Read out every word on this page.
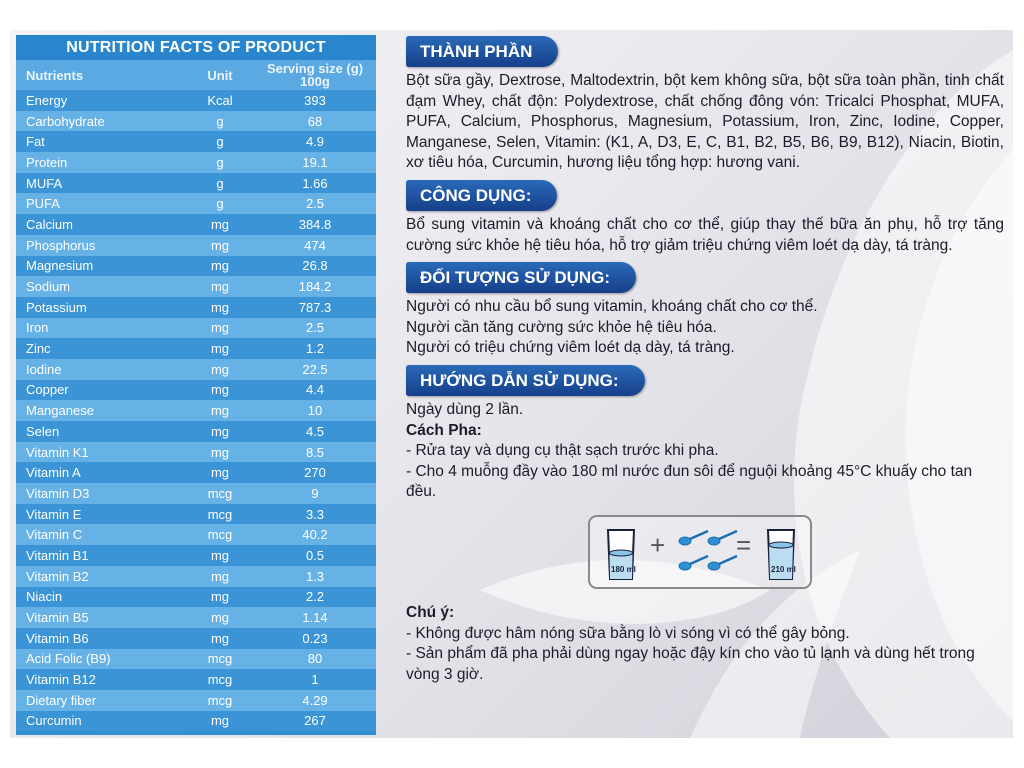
NUTRITION FACTS OF PRODUCT
Nutrients	Unit	Serving size (g) 100g
Energy	Kcal	393
Carbohydrate	g	68
Fat	g	4.9
Protein	g	19.1
MUFA	g	1.66
PUFA	g	2.5
Calcium	mg	384.8
Phosphorus	mg	474
Magnesium	mg	26.8
Sodium	mg	184.2
Potassium	mg	787.3
Iron	mg	2.5
Zinc	mg	1.2
Iodine	mg	22.5
Copper	mg	4.4
Manganese	mg	10
Selen	mg	4.5
Vitamin K1	mg	8.5
Vitamin A	mg	270
Vitamin D3	mcg	9
Vitamin E	mcg	3.3
Vitamin C	mcg	40.2
Vitamin B1	mg	0.5
Vitamin B2	mg	1.3
Niacin	mg	2.2
Vitamin B5	mg	1.14
Vitamin B6	mg	0.23
Acid Folic (B9)	mcg	80
Vitamin B12	mcg	1
Dietary fiber	mcg	4.29
Curcumin	mg	267
THÀNH PHẦN

Bột sữa gầy, Dextrose, Maltodextrin, bột kem không sữa, bột sữa toàn phần, tinh chất đạm Whey, chất độn: Polydextrose, chất chống đông vón: Tricalci Phosphat, MUFA, PUFA, Calcium, Phosphorus, Magnesium, Potassium, Iron, Zinc, Iodine, Copper, Manganese, Selen, Vitamin: (K1, A, D3, E, C, B1, B2, B5, B6, B9, B12), Niacin, Biotin, xơ tiêu hóa, Curcumin, hương liệu tổng hợp: hương vani.

CÔNG DỤNG:

Bổ sung vitamin và khoáng chất cho cơ thể, giúp thay thế bữa ăn phụ, hỗ trợ tăng cường sức khỏe hệ tiêu hóa, hỗ trợ giảm triệu chứng viêm loét dạ dày, tá tràng.

ĐỐI TƯỢNG SỬ DỤNG:

Người có nhu cầu bổ sung vitamin, khoáng chất cho cơ thể.

Người cần tăng cường sức khỏe hệ tiêu hóa.

Người có triệu chứng viêm loét dạ dày, tá tràng.

HƯỚNG DẪN SỬ DỤNG:

Ngày dùng 2 lần.

Cách Pha:

- Rửa tay và dụng cụ thật sạch trước khi pha.

- Cho 4 muỗng đầy vào 180 ml nước đun sôi để nguội khoảng 45°C khuấy cho tan đều.

180 ml
+	=
210 ml

Chú ý:

- Không được hâm nóng sữa bằng lò vi sóng vì có thể gây bỏng.

- Sản phẩm đã pha phải dùng ngay hoặc đậy kín cho vào tủ lạnh và dùng hết trong vòng 3 giờ.
